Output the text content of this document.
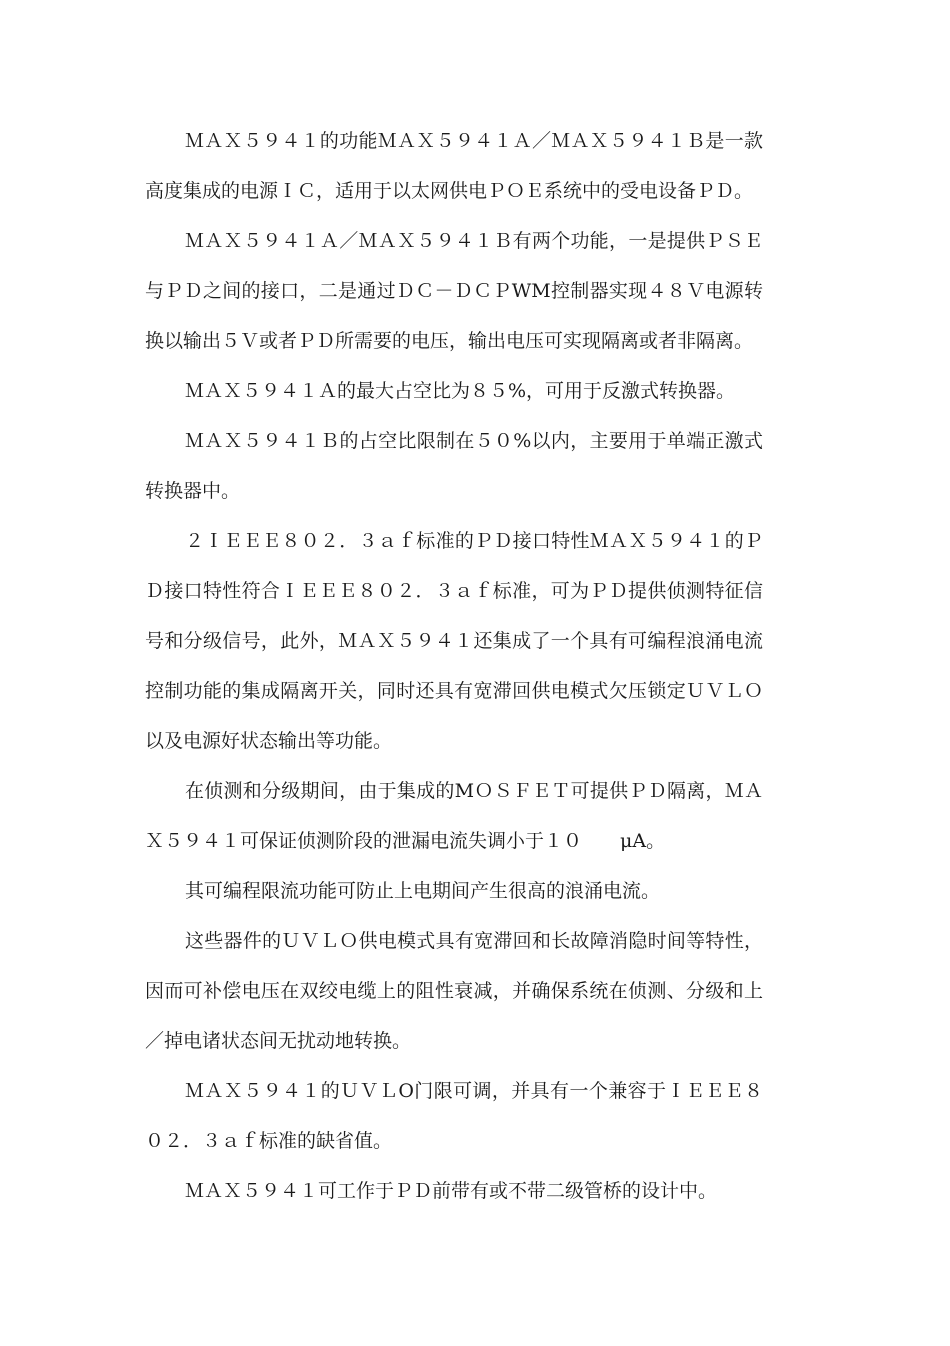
ＭＡＸ５９４１的功能ＭＡＸ５９４１Ａ／ＭＡＸ５９４１Ｂ是一款高度集成的电源ＩＣ，适用于以太网供电ＰＯＥ系统中的受电设备ＰＤ。

ＭＡＸ５９４１Ａ／ＭＡＸ５９４１Ｂ有两个功能，一是提供ＰＳＥ与ＰＤ之间的接口，二是通过ＤＣ－ＤＣＰWM控制器实现４８Ｖ电源转换以输出５Ｖ或者ＰＤ所需要的电压，输出电压可实现隔离或者非隔离。

ＭＡＸ５９４１Ａ的最大占空比为８５%，可用于反激式转换器。

ＭＡＸ５９４１Ｂ的占空比限制在５０%以内，主要用于单端正激式转换器中。

２ＩＥＥＥ８０２．３ａｆ标准的ＰＤ接口特性ＭＡＸ５９４１的ＰＤ接口特性符合ＩＥＥＥ８０２．３ａｆ标准，可为ＰＤ提供侦测特征信号和分级信号，此外，ＭＡＸ５９４１还集成了一个具有可编程浪涌电流控制功能的集成隔离开关，同时还具有宽滞回供电模式欠压锁定ＵＶＬＯ以及电源好状态输出等功能。

在侦测和分级期间，由于集成的MＯＳＦＥＴ可提供ＰＤ隔离，ＭＡＸ５９４１可保证侦测阶段的泄漏电流失调小于１０　　μA。

其可编程限流功能可防止上电期间产生很高的浪涌电流。

这些器件的ＵＶＬＯ供电模式具有宽滞回和长故障消隐时间等特性，因而可补偿电压在双绞电缆上的阻性衰减，并确保系统在侦测、分级和上／掉电诸状态间无扰动地转换。

ＭＡＸ５９４１的ＵＶＬO门限可调，并具有一个兼容于ＩＥＥＥ８０２．３ａｆ标准的缺省值。

ＭＡＸ５９４１可工作于ＰＤ前带有或不带二级管桥的设计中。
